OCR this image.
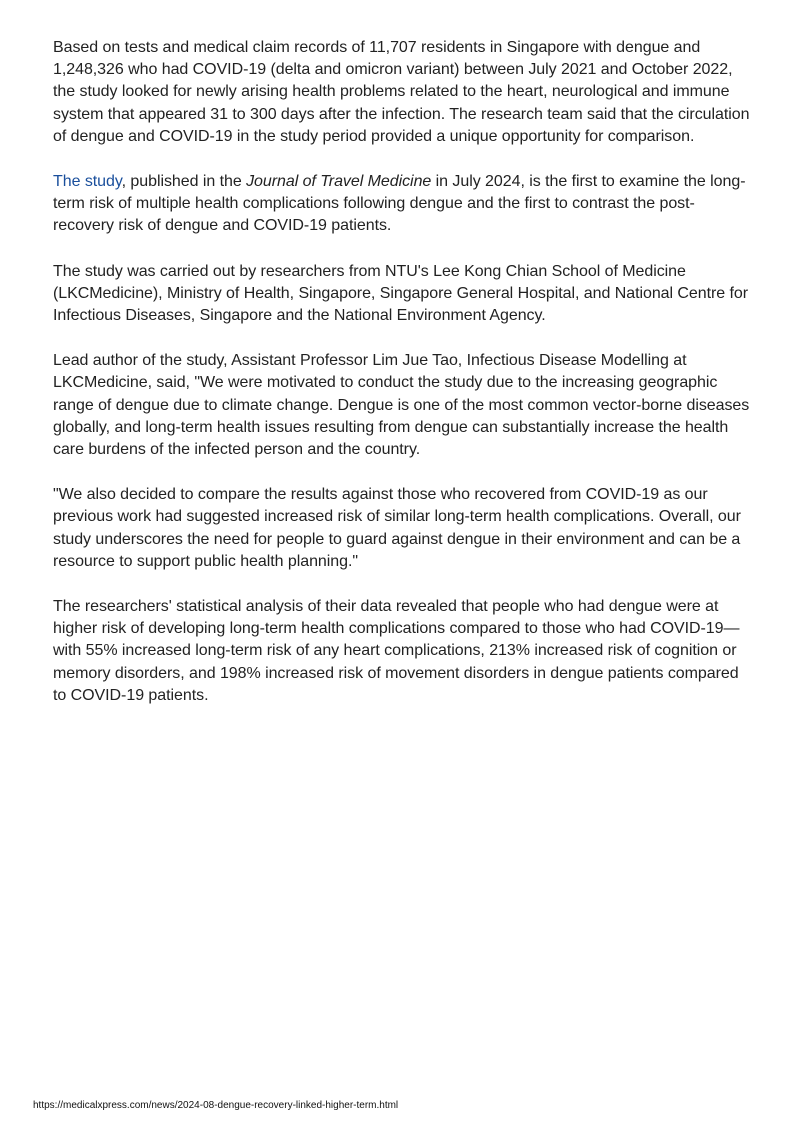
Based on tests and medical claim records of 11,707 residents in Singapore with dengue and 1,248,326 who had COVID-19 (delta and omicron variant) between July 2021 and October 2022, the study looked for newly arising health problems related to the heart, neurological and immune system that appeared 31 to 300 days after the infection. The research team said that the circulation of dengue and COVID-19 in the study period provided a unique opportunity for comparison.

The study, published in the Journal of Travel Medicine in July 2024, is the first to examine the long-term risk of multiple health complications following dengue and the first to contrast the post-recovery risk of dengue and COVID-19 patients.

The study was carried out by researchers from NTU's Lee Kong Chian School of Medicine (LKCMedicine), Ministry of Health, Singapore, Singapore General Hospital, and National Centre for Infectious Diseases, Singapore and the National Environment Agency.

Lead author of the study, Assistant Professor Lim Jue Tao, Infectious Disease Modelling at LKCMedicine, said, "We were motivated to conduct the study due to the increasing geographic range of dengue due to climate change. Dengue is one of the most common vector-borne diseases globally, and long-term health issues resulting from dengue can substantially increase the health care burdens of the infected person and the country.

"We also decided to compare the results against those who recovered from COVID-19 as our previous work had suggested increased risk of similar long-term health complications. Overall, our study underscores the need for people to guard against dengue in their environment and can be a resource to support public health planning."

The researchers' statistical analysis of their data revealed that people who had dengue were at higher risk of developing long-term health complications compared to those who had COVID-19—with 55% increased long-term risk of any heart complications, 213% increased risk of cognition or memory disorders, and 198% increased risk of movement disorders in dengue patients compared to COVID-19 patients.

https://medicalxpress.com/news/2024-08-dengue-recovery-linked-higher-term.html
